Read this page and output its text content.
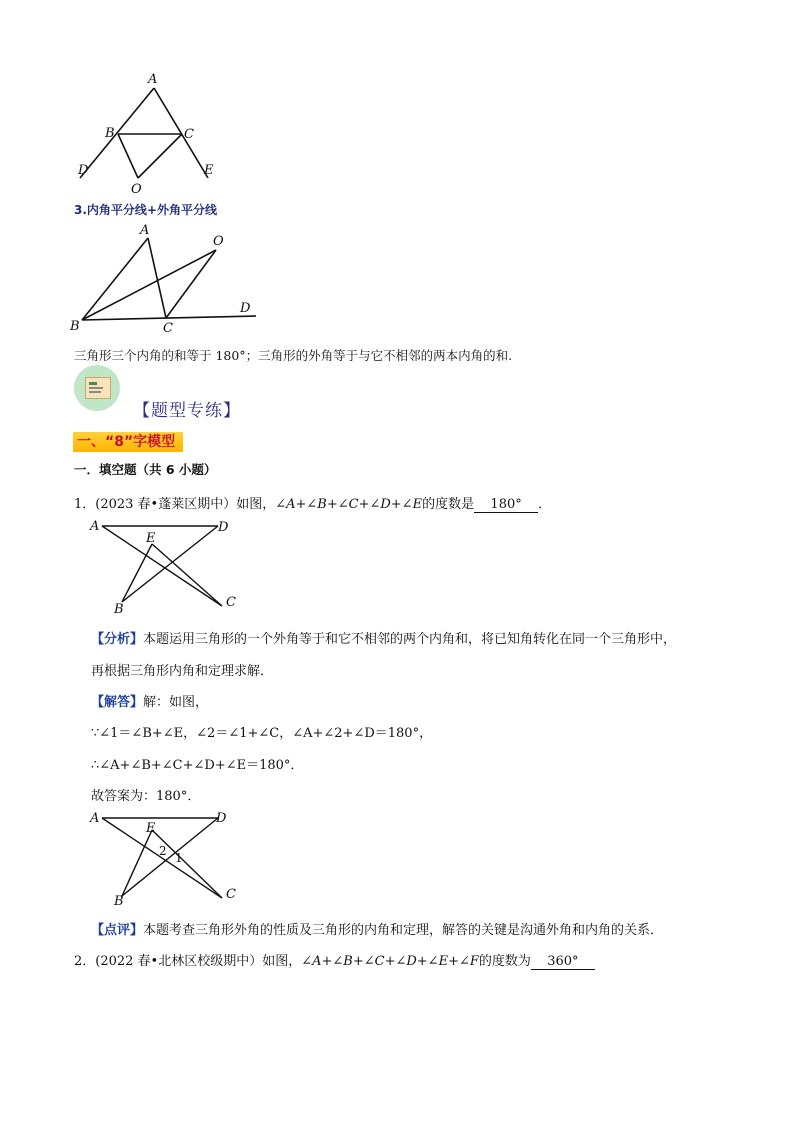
A
B	C
D	E
O
3.内角平分线+外角平分线
A
O
B	C
D
三角形三个内角的和等于 180°；三角形的外角等于与它不相邻的两本内角的和.
【题型专练】
一、“8”字模型
一．填空题（共 6 小题）
1．(2023 春•蓬莱区期中）如图，∠A+∠B+∠C+∠D+∠E的度数是 180° ．
A	D
E
B	C
【分析】本题运用三角形的一个外角等于和它不相邻的两个内角和，将已知角转化在同一个三角形中，
再根据三角形内角和定理求解．
【解答】解：如图，
∵∠1＝∠B+∠E，∠2＝∠1+∠C，∠A+∠2+∠D＝180°，
∴∠A+∠B+∠C+∠D+∠E＝180°．
故答案为：180°．
A	D
E
2 1
B	C
【点评】本题考查三角形外角的性质及三角形的内角和定理，解答的关键是沟通外角和内角的关系．
2．(2022 春•北林区校级期中）如图，∠A+∠B+∠C+∠D+∠E+∠F的度数为 360°
